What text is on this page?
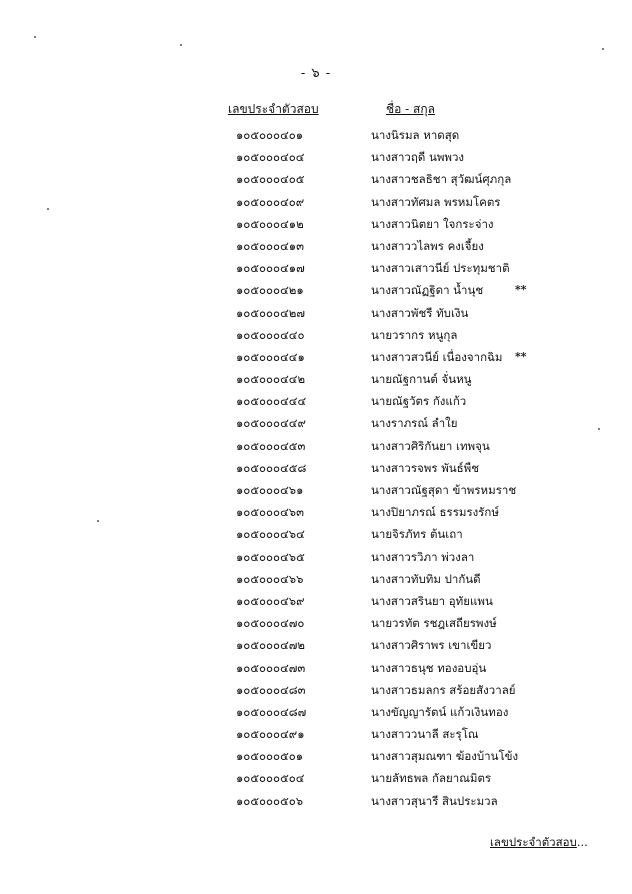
- ๖ -
เลขประจำตัวสอบ	ชื่อ - สกุล
๑๐๕๐๐๐๔๐๑	นางนิรมล หาดสุด
๑๐๕๐๐๐๔๐๔	นางสาวฤดี นพพวง
๑๐๕๐๐๐๔๐๕	นางสาวชลธิชา สุวัฒน์ศุภกุล
๑๐๕๐๐๐๔๐๙	นางสาวทัศมล พรหมโคตร
๑๐๕๐๐๐๔๑๒	นางสาวนิตยา ใจกระจ่าง
๑๐๕๐๐๐๔๑๓	นางสาววไลพร คงเจี้ยง
๑๐๕๐๐๐๔๑๗	นางสาวเสาวนีย์ ประทุมชาติ
๑๐๕๐๐๐๔๒๑	นางสาวณัฏฐิดา น้ำนุช	**
๑๐๕๐๐๐๔๒๗	นางสาวพัชรี ทับเงิน
๑๐๕๐๐๐๔๔๐	นายวรากร หนูกุล
๑๐๕๐๐๐๔๔๑	นางสาวสวนีย์ เนื่องจากฉิม **
๑๐๕๐๐๐๔๔๒	นายณัฐกานต์ จั่นหนู
๑๐๕๐๐๐๔๔๔	นายณัฐวัตร กังแก้ว
๑๐๕๐๐๐๔๔๙	นางราภรณ์ ลำใย
๑๐๕๐๐๐๔๕๓	นางสาวศิริกันยา เทพจุน
๑๐๕๐๐๐๔๕๘	นางสาวรจพร พันธ์พืช
๑๐๕๐๐๐๔๖๑	นางสาวณัฐสุดา ข้าพรหมราช
๑๐๕๐๐๐๔๖๓	นางปิยาภรณ์ ธรรมรงรักษ์
๑๐๕๐๐๐๔๖๔	นายจิรภัทร ต้นเถา
๑๐๕๐๐๐๔๖๕	นางสาวรวิภา พ่วงลา
๑๐๕๐๐๐๔๖๖	นางสาวทับทิม ปากันดี
๑๐๕๐๐๐๔๖๙	นางสาวสรินยา อุทัยแพน
๑๐๕๐๐๐๔๗๐	นายวรทัต รชฎเสถียรพงษ์
๑๐๕๐๐๐๔๗๒	นางสาวศิราพร เขาเขียว
๑๐๕๐๐๐๔๗๓	นางสาวธนุช ทองอบอุ่น
๑๐๕๐๐๐๔๘๓	นางสาวธมลกร สร้อยสังวาลย์
๑๐๕๐๐๐๔๘๗	นางขัญญารัตน์ แก้วเงินทอง
๑๐๕๐๐๐๔๙๑	นางสาววนาลี สะรุโณ
๑๐๕๐๐๐๕๐๑	นางสาวสุมณฑา ฆ้องบ้านโข้ง
๑๐๕๐๐๐๕๐๔	นายลัทธพล กัลยาณมิตร
๑๐๕๐๐๐๕๐๖	นางสาวสุนารี สินประมวล
เลขประจำตัวสอบ...
